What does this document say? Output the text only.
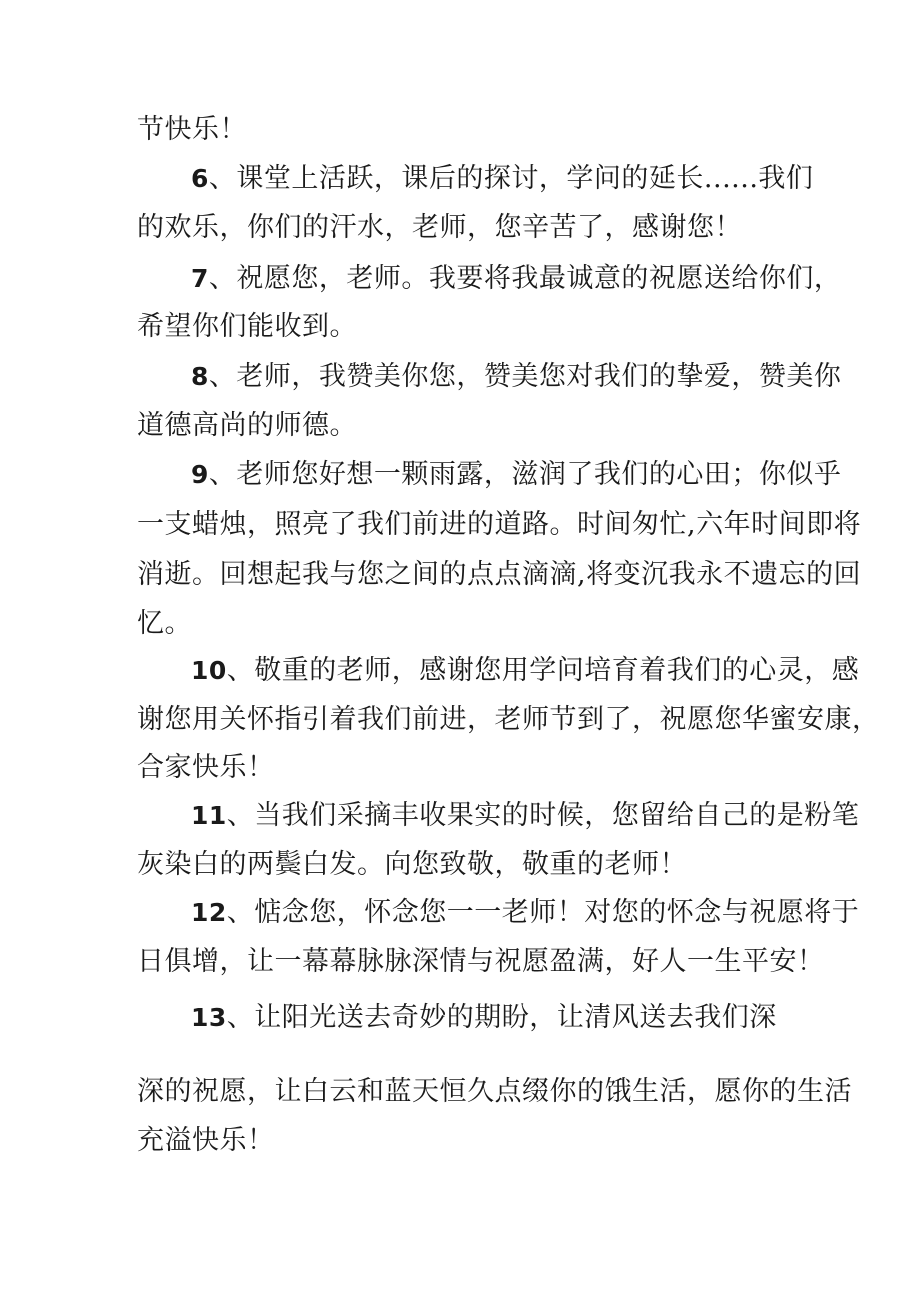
节快乐！
6、课堂上活跃，课后的探讨，学问的延长......我们
的欢乐，你们的汗水，老师，您辛苦了，感谢您！
7、祝愿您，老师。我要将我最诚意的祝愿送给你们，
希望你们能收到。
8、老师，我赞美你您，赞美您对我们的挚爱，赞美你
道德高尚的师德。
9、老师您好想一颗雨露，滋润了我们的心田；你似乎
一支蜡烛，照亮了我们前进的道路。时间匆忙,六年时间即将
消逝。回想起我与您之间的点点滴滴,将变沉我永不遗忘的回
忆。
10、敬重的老师，感谢您用学问培育着我们的心灵，感
谢您用关怀指引着我们前进，老师节到了，祝愿您华蜜安康，
合家快乐！
11、当我们采摘丰收果实的时候，您留给自己的是粉笔
灰染白的两鬓白发。向您致敬，敬重的老师！
12、惦念您，怀念您一一老师！对您的怀念与祝愿将于
日俱增，让一幕幕脉脉深情与祝愿盈满，好人一生平安！
13、让阳光送去奇妙的期盼，让清风送去我们深
深的祝愿，让白云和蓝天恒久点缀你的饿生活，愿你的生活
充溢快乐！
